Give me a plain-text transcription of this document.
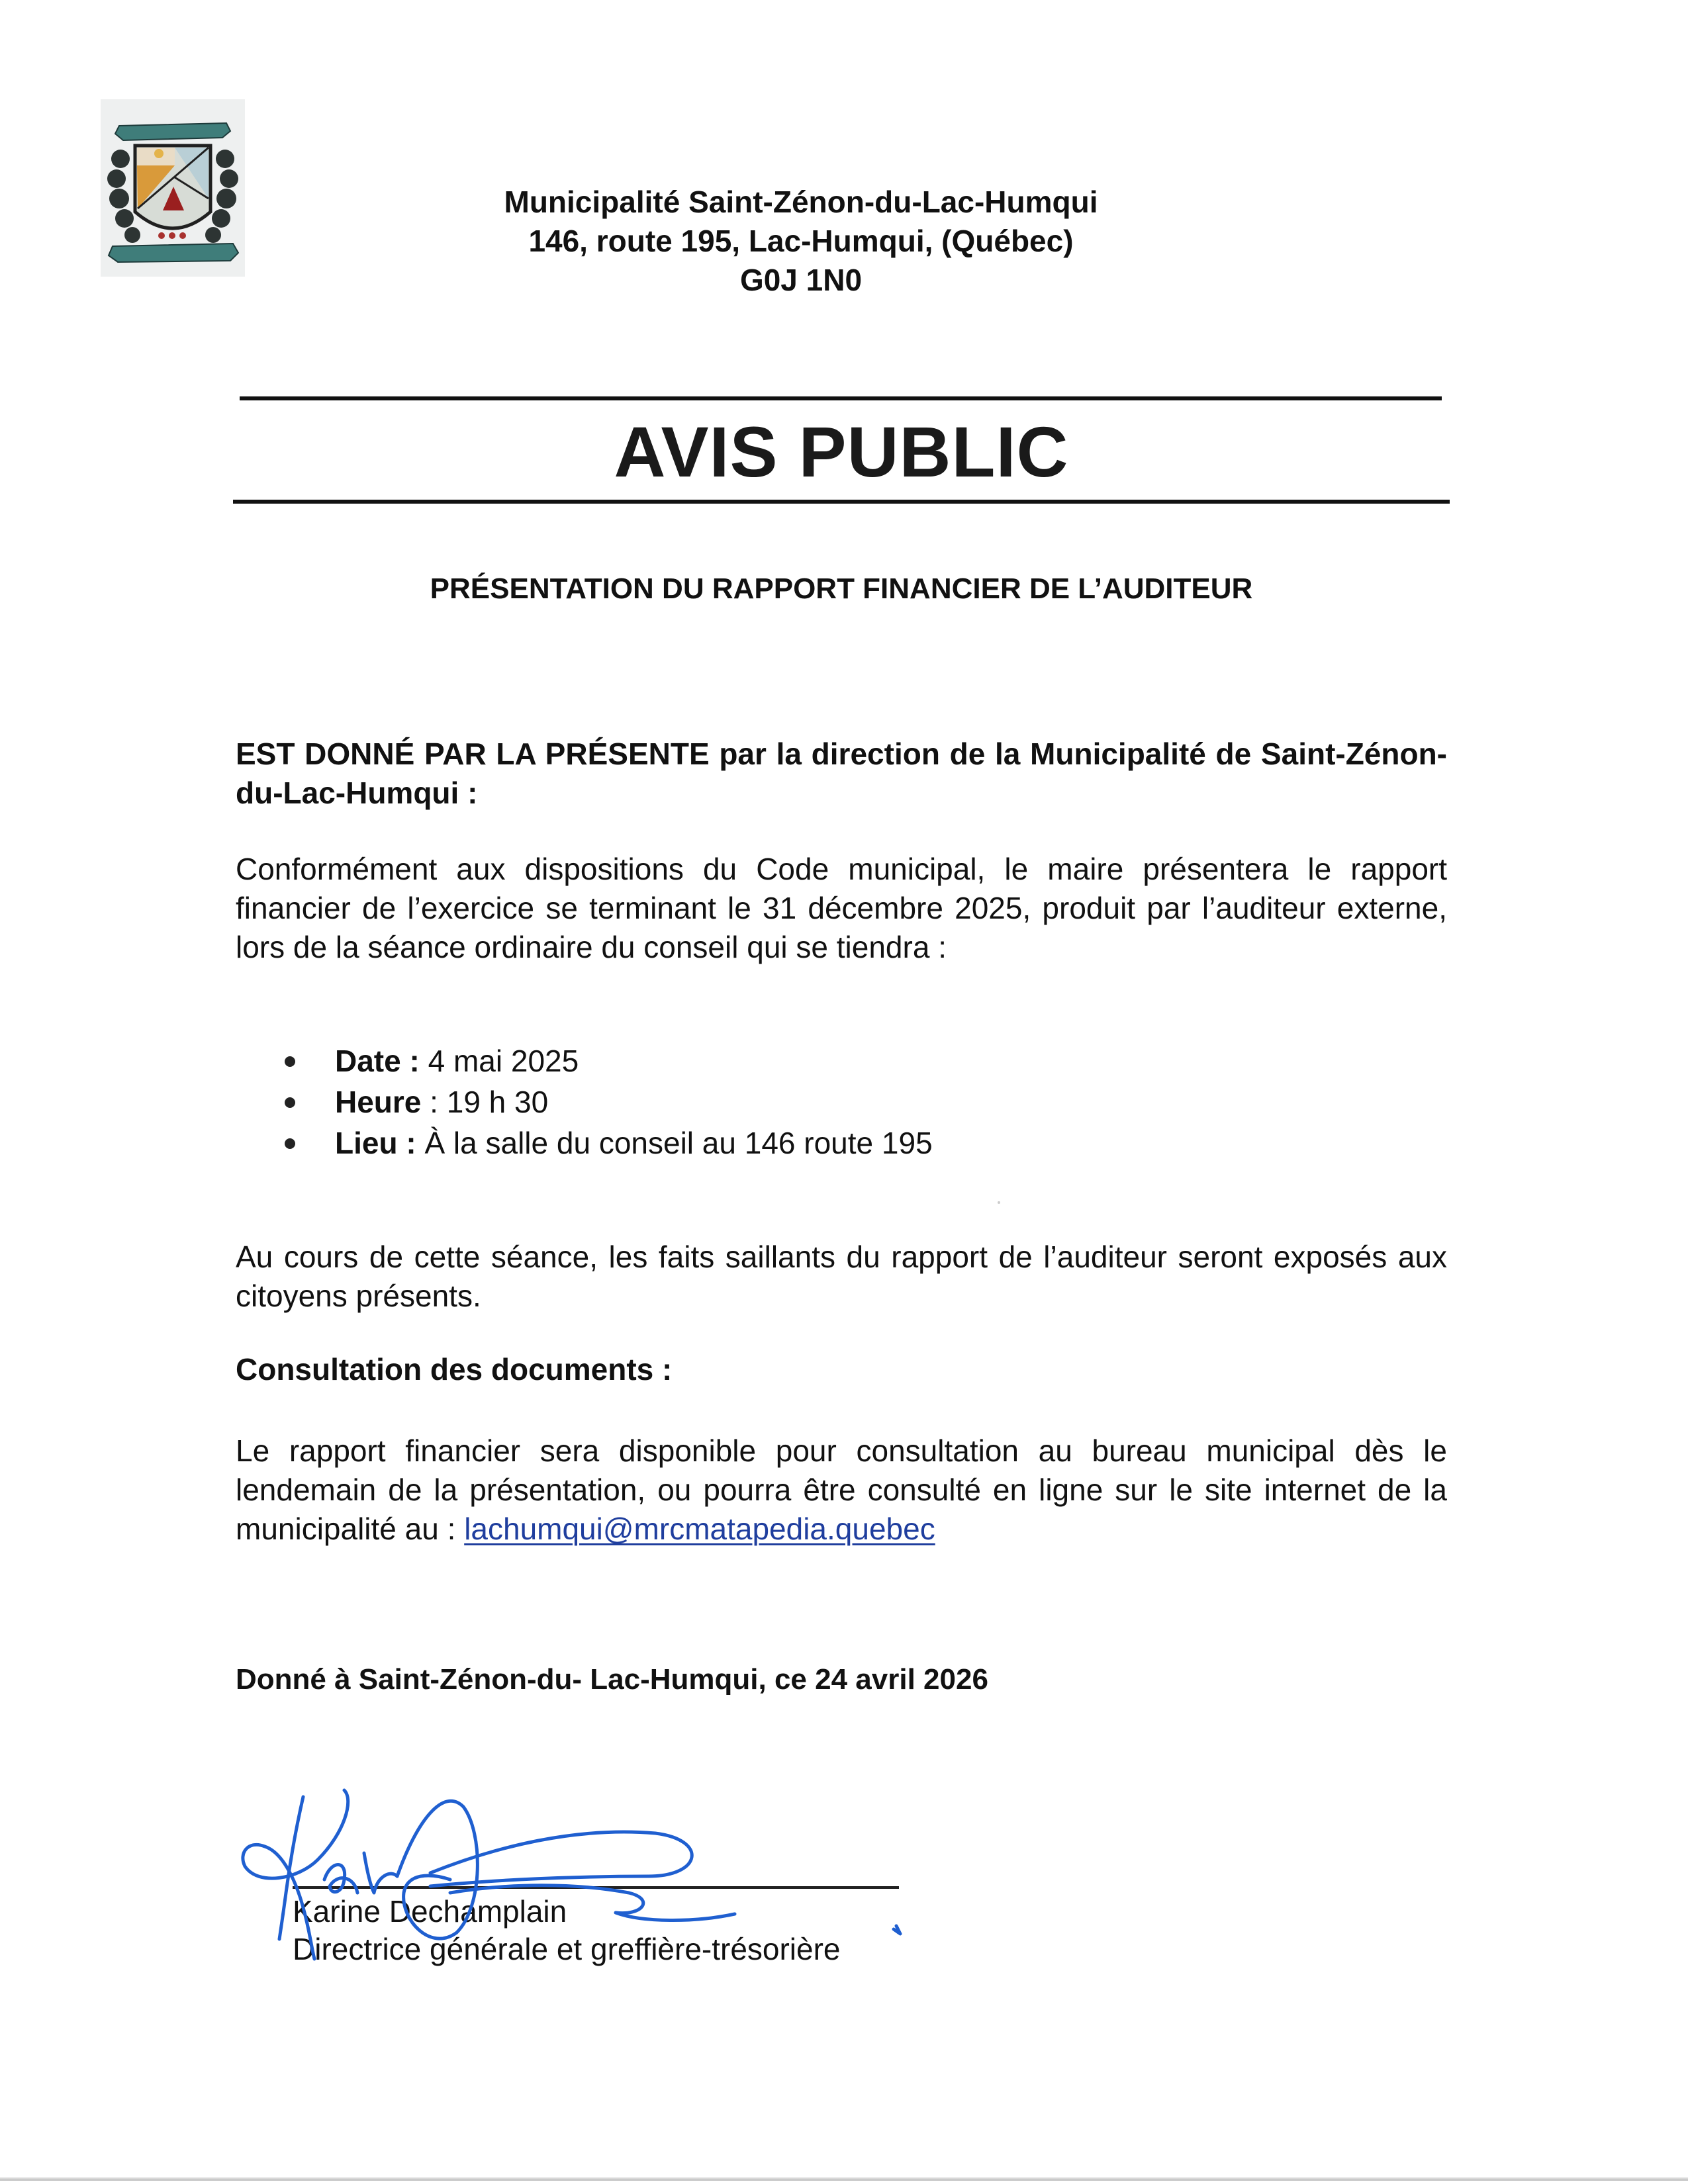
Municipalité Saint-Zénon-du-Lac-Humqui
146, route 195, Lac-Humqui, (Québec)
G0J 1N0
AVIS PUBLIC
PRÉSENTATION DU RAPPORT FINANCIER DE L’AUDITEUR
EST DONNÉ PAR LA PRÉSENTE par la direction de la Municipalité de Saint-Zénon-du-Lac-Humqui :
Conformément aux dispositions du Code municipal, le maire présentera le rapport financier de l’exercice se terminant le 31 décembre 2025, produit par l’auditeur externe, lors de la séance ordinaire du conseil qui se tiendra :
Date : 4 mai 2025
Heure : 19 h 30
Lieu : À la salle du conseil au 146 route 195
Au cours de cette séance, les faits saillants du rapport de l’auditeur seront exposés aux citoyens présents.
Consultation des documents :
Le rapport financier sera disponible pour consultation au bureau municipal dès le lendemain de la présentation, ou pourra être consulté en ligne sur le site internet de la municipalité au : lachumqui@mrcmatapedia.quebec
Donné à Saint-Zénon-du- Lac-Humqui, ce 24 avril 2026
Karine Dechamplain
Directrice générale et greffière-trésorière
